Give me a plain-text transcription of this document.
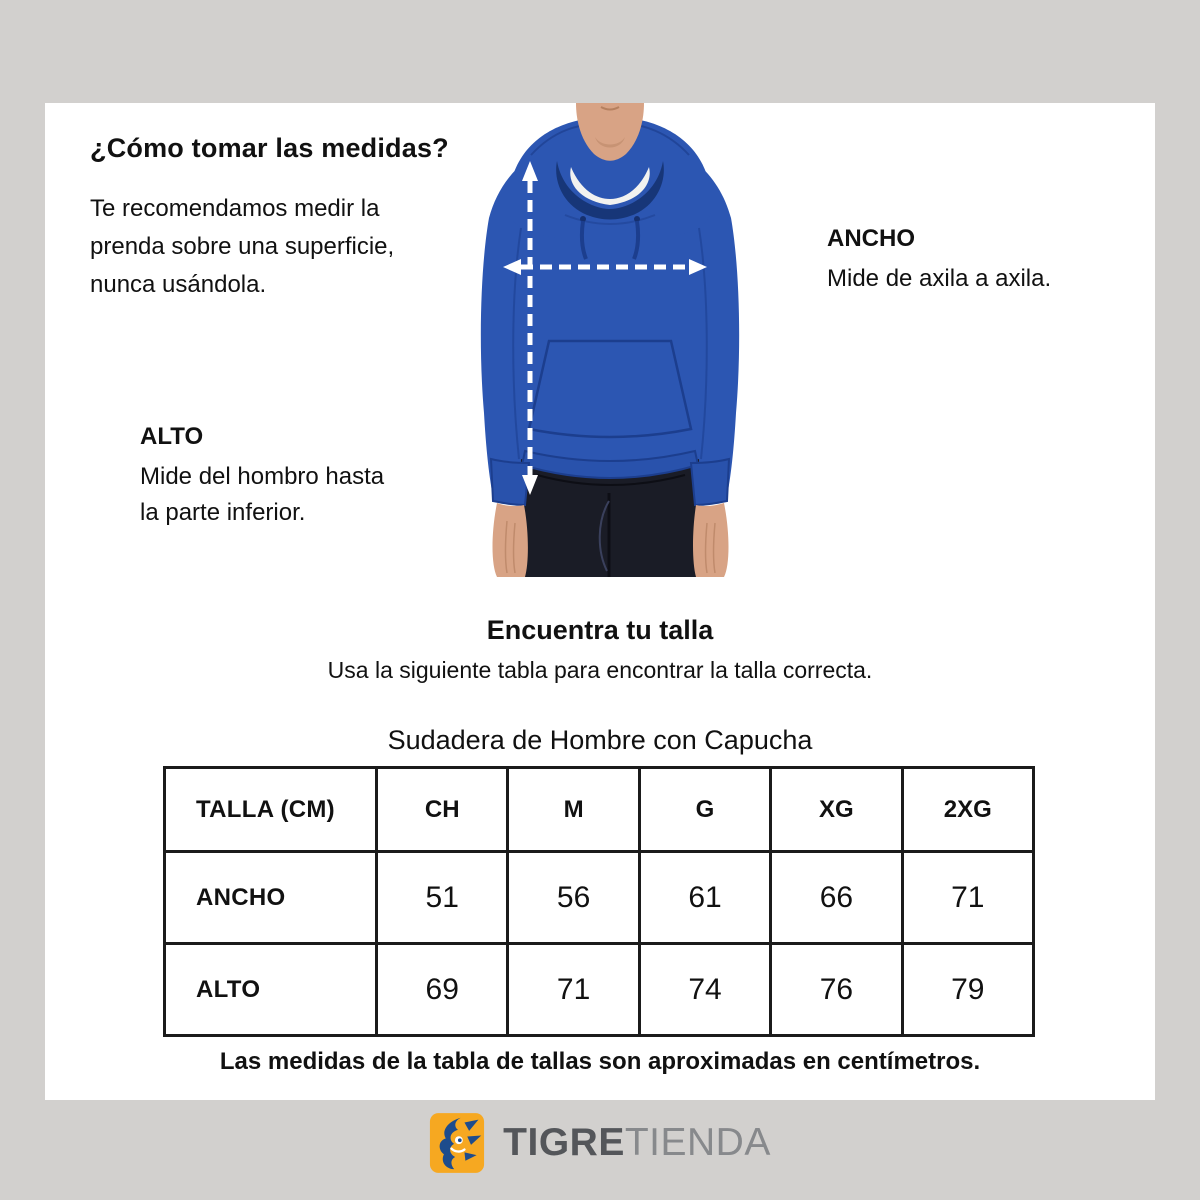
¿Cómo tomar las medidas?

Te recomendamos medir la prenda sobre una superficie, nunca usándola.

ANCHO
Mide de axila a axila.
ALTO
Mide del hombro hasta la parte inferior.
Encuentra tu talla
Usa la siguiente tabla para encontrar la talla correcta.
Sudadera de Hombre con Capucha
TALLA (CM)	CH	M	G	XG	2XG
ANCHO	51	56	61	66	71
ALTO	69	71	74	76	79
Las medidas de la tabla de tallas son aproximadas en centímetros.
TIGRETIENDA
